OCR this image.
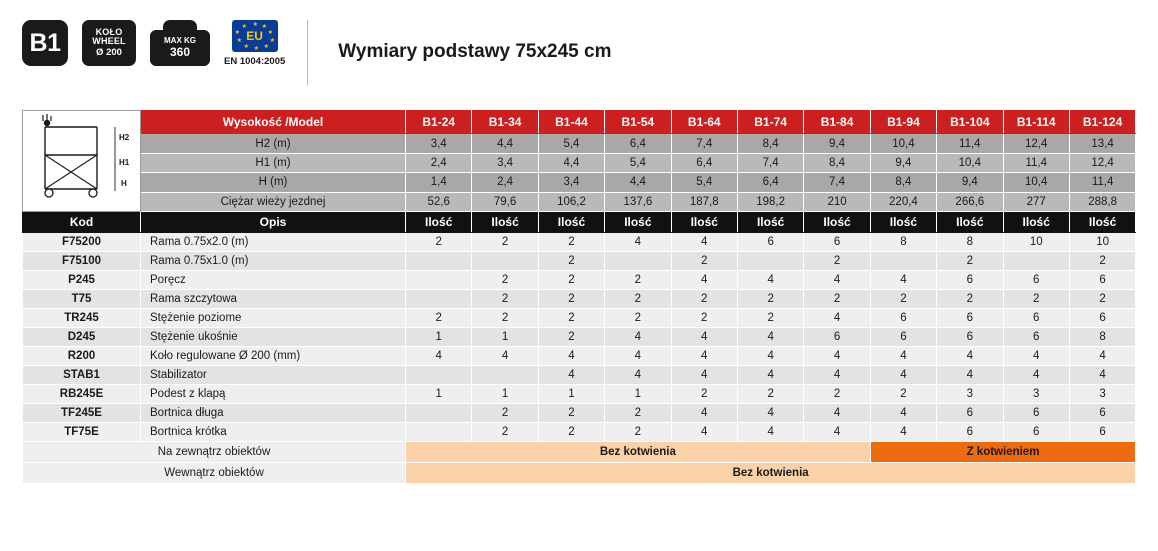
B1	KOŁO
WHEEL
Ø 200
MAX KG
360
★ ★
★
★
★
★
★
★
★
★
EU
EN 1004:2005	Wymiary podstawy 75x245 cm
H2
H1
H	Wysokość /Model	B1-24	B1-34	B1-44	B1-54	B1-64	B1-74	B1-84	B1-94	B1-104	B1-114	B1-124
	H2 (m)	3,4	4,4	5,4	6,4	7,4	8,4	9,4	10,4	11,4	12,4	13,4
	H1 (m)	2,4	3,4	4,4	5,4	6,4	7,4	8,4	9,4	10,4	11,4	12,4
	H (m)	1,4	2,4	3,4	4,4	5,4	6,4	7,4	8,4	9,4	10,4	11,4
	Ciężar wieży jezdnej	52,6	79,6	106,2	137,6	187,8	198,2	210	220,4	266,6	277	288,8
Kod	Opis	Ilość	Ilość	Ilość	Ilość	Ilość	Ilość	Ilość	Ilość	Ilość	Ilość	Ilość
F75200	Rama 0.75x2.0 (m)	2	2	2	4	4	6	6	8	8	10	10
F75100	Rama 0.75x1.0 (m)			2		2		2		2		2
P245	Poręcz		2	2	2	4	4	4	4	6	6	6
T75	Rama szczytowa		2	2	2	2	2	2	2	2	2	2
TR245	Stężenie poziome	2	2	2	2	2	2	4	6	6	6	6
D245	Stężenie ukośnie	1	1	2	4	4	4	6	6	6	6	8
R200	Koło regulowane Ø 200 (mm)	4	4	4	4	4	4	4	4	4	4	4
STAB1	Stabilizator			4	4	4	4	4	4	4	4	4
RB245E	Podest z klapą	1	1	1	1	2	2	2	2	3	3	3
TF245E	Bortnica długa		2	2	2	4	4	4	4	6	6	6
TF75E	Bortnica krótka		2	2	2	4	4	4	4	6	6	6
Na zewnątrz obiektów		Bez kotwienia							Z kotwieniem			
Wewnątrz obiektów		Bez kotwienia										
